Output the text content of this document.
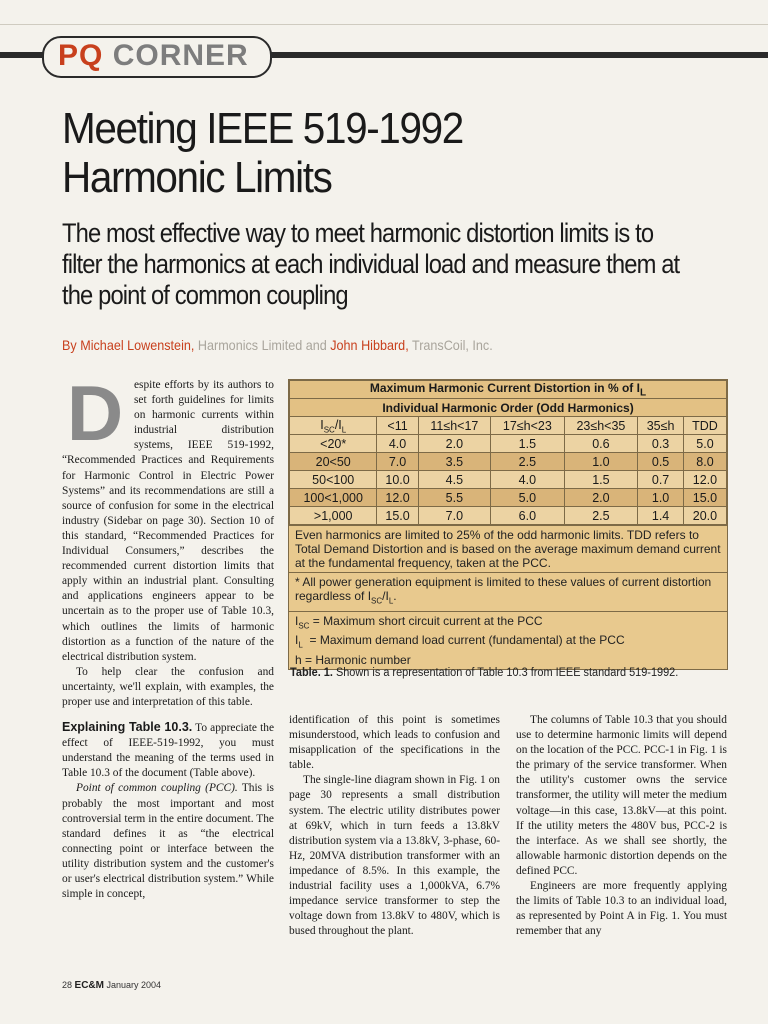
PQ CORNER
Meeting IEEE 519-1992
Harmonic Limits
The most effective way to meet harmonic distortion limits is to filter the harmonics at each individual load and measure them at the point of common coupling
By Michael Lowenstein, Harmonics Limited and John Hibbard, TransCoil, Inc.
D espite efforts by its authors to set forth guidelines for limits on harmonic currents within industrial distribution systems, IEEE 519-1992, “Recommended Practices and Requirements for Harmonic Control in Electric Power Systems” and its recommendations are still a source of confusion for some in the electrical industry (Sidebar on page 30). Section 10 of this standard, “Recommended Practices for Individual Consumers,” describes the recommended current distortion limits that apply within an industrial plant. Consulting and applications engineers appear to be uncertain as to the proper use of Table 10.3, which outlines the limits of harmonic distortion as a function of the nature of the electrical distribution system.

To help clear the confusion and uncertainty, we'll explain, with examples, the proper use and interpretation of this table.

Explaining Table 10.3. To appreciate the effect of IEEE-519-1992, you must understand the meaning of the terms used in Table 10.3 of the document (Table above).

Point of common coupling (PCC). This is probably the most important and most controversial term in the entire document. The standard defines it as “the electrical connecting point or interface between the utility distribution system and the customer's or user's electrical distribution system.” While simple in concept,

identification of this point is sometimes misunderstood, which leads to confusion and misapplication of the specifications in the table.

The single-line diagram shown in Fig. 1 on page 30 represents a small distribution system. The electric utility distributes power at 69kV, which in turn feeds a 13.8kV distribution system via a 13.8kV, 3-phase, 60-Hz, 20MVA distribution transformer with an impedance of 8.5%. In this example, the industrial facility uses a 1,000kVA, 6.7% impedance service transformer to step the voltage down from 13.8kV to 480V, which is bused throughout the plant.

The columns of Table 10.3 that you should use to determine harmonic limits will depend on the location of the PCC. PCC-1 in Fig. 1 is the primary of the service transformer. When the utility's customer owns the service transformer, the utility will meter the medium voltage—in this case, 13.8kV—at this point. If the utility meters the 480V bus, PCC-2 is the interface. As we shall see shortly, the allowable harmonic distortion depends on the defined PCC.

Engineers are more frequently applying the limits of Table 10.3 to an individual load, as represented by Point A in Fig. 1. You must remember that any

Maximum Harmonic Current Distortion in % of $I_L$
Individual Harmonic Order (Odd Harmonics)						
$I_{SC}/I_L$	<11	11≤h<17	17≤h<23	23≤h<35	35≤h	TDD
<20*	4.0	2.0	1.5	0.6	0.3	5.0
20<50	7.0	3.5	2.5	1.0	0.5	8.0
50<100	10.0	4.5	4.0	1.5	0.7	12.0
100<1,000	12.0	5.5	5.0	2.0	1.0	15.0
>1,000	15.0	7.0	6.0	2.5	1.4	20.0
Even harmonics are limited to 25% of the odd harmonic limits. TDD refers to Total Demand Distortion and is based on the average maximum demand current at the fundamental frequency, taken at the PCC.
* All power generation equipment is limited to these values of current distortion regardless of $I_{SC}/I_L$.
$I_{SC}$ = Maximum short circuit current at the PCC
$I_L$  = Maximum demand load current (fundamental) at the PCC
h = Harmonic number
Table. 1. Shown is a representation of Table 10.3 from IEEE standard 519-1992.
28 EC&M January 2004
